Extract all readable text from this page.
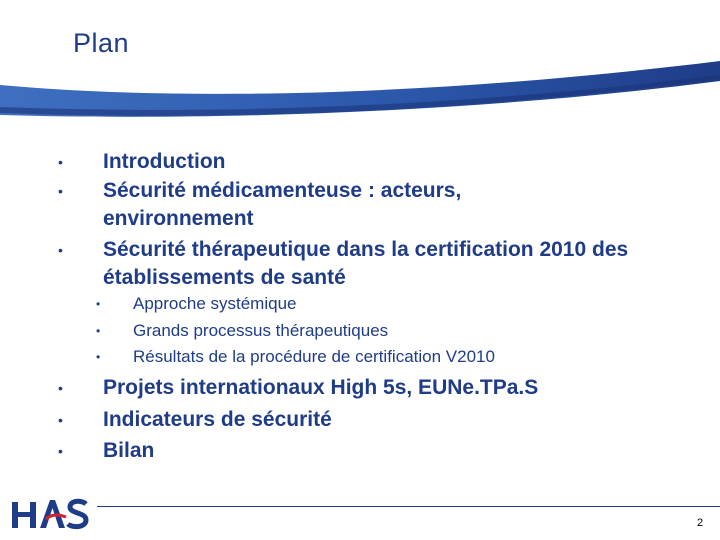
Plan
•	Introduction
•	Sécurité médicamenteuse : acteurs, environnement
•	Sécurité thérapeutique dans la certification 2010 des établissements de santé
• Approche systémique
• Grands processus thérapeutiques
• Résultats de la procédure de certification V2010
•	Projets internationaux High 5s, EUNe.TPa.S
•	Indicateurs de sécurité
•	Bilan
2
